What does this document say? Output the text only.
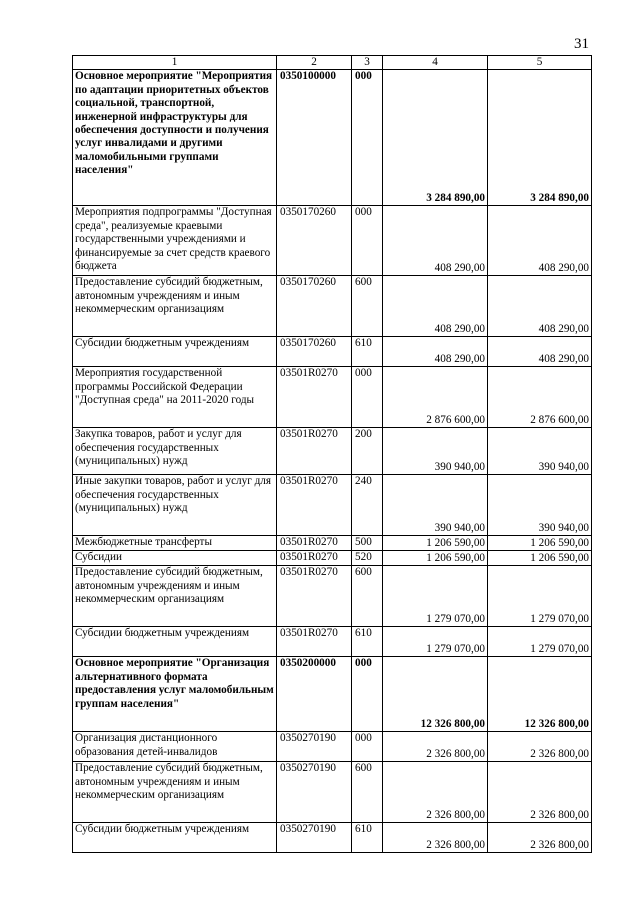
31
1	2	3	4	5
Основное мероприятие "Мероприятия по адаптации приоритетных объектов социальной, транспортной, инженерной инфраструктуры для обеспечения доступности и получения услуг инвалидами и другими маломобильными группами населения"	0350100000	000	3 284 890,00	3 284 890,00
Мероприятия подпрограммы "Доступная среда", реализуемые краевыми государственными учреждениями и финансируемые за счет средств краевого бюджета	0350170260	000	408 290,00	408 290,00
Предоставление субсидий бюджетным, автономным учреждениям и иным некоммерческим организациям	0350170260	600	408 290,00	408 290,00
Субсидии бюджетным учреждениям	0350170260	610	408 290,00	408 290,00
Мероприятия государственной программы Российской Федерации "Доступная среда" на 2011-2020 годы	03501R0270	000	2 876 600,00	2 876 600,00
Закупка товаров, работ и услуг для обеспечения государственных (муниципальных) нужд	03501R0270	200	390 940,00	390 940,00
Иные закупки товаров, работ и услуг для обеспечения государственных (муниципальных) нужд	03501R0270	240	390 940,00	390 940,00
Межбюджетные трансферты	03501R0270	500	1 206 590,00	1 206 590,00
Субсидии	03501R0270	520	1 206 590,00	1 206 590,00
Предоставление субсидий бюджетным, автономным учреждениям и иным некоммерческим организациям	03501R0270	600	1 279 070,00	1 279 070,00
Субсидии бюджетным учреждениям	03501R0270	610	1 279 070,00	1 279 070,00
Основное мероприятие "Организация альтернативного формата предоставления услуг маломобильным группам населения"	0350200000	000	12 326 800,00	12 326 800,00
Организация дистанционного образования детей-инвалидов	0350270190	000	2 326 800,00	2 326 800,00
Предоставление субсидий бюджетным, автономным учреждениям и иным некоммерческим организациям	0350270190	600	2 326 800,00	2 326 800,00
Субсидии бюджетным учреждениям	0350270190	610	2 326 800,00	2 326 800,00
